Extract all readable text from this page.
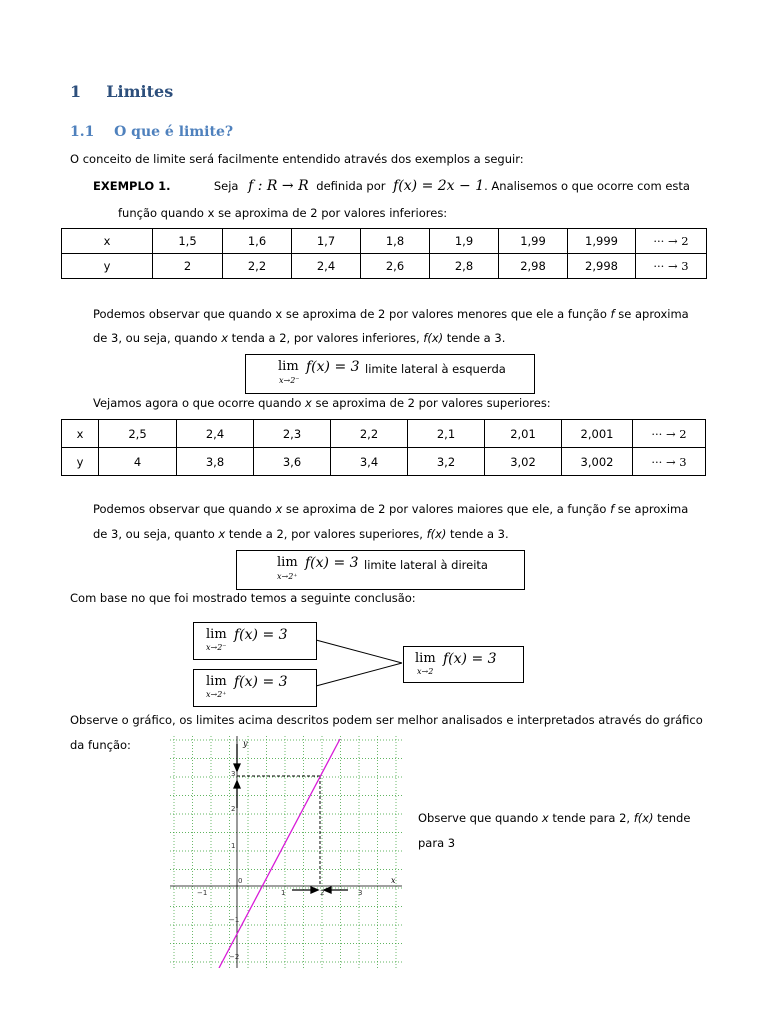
1 Limites
1.1 O que é limite?
O conceito de limite será facilmente entendido através dos exemplos a seguir:
EXEMPLO 1.	Seja f : R → R definida por f(x) = 2x − 1. Analisemos o que ocorre com esta
função quando x se aproxima de 2 por valores inferiores:
x	1,5	1,6	1,7	1,8	1,9	1,99	1,999	··· → 2
y	2	2,2	2,4	2,6	2,8	2,98	2,998	··· → 3
Podemos observar que quando x se aproxima de 2 por valores menores que ele a função f se aproxima
de 3, ou seja, quando x tenda a 2, por valores inferiores, f(x) tende a 3.
lim
x→2⁻
f(x) = 3 limite lateral à esquerda
Vejamos agora o que ocorre quando x se aproxima de 2 por valores superiores:
x	2,5	2,4	2,3	2,2	2,1	2,01	2,001	··· → 2
y	4	3,8	3,6	3,4	3,2	3,02	3,002	··· → 3
Podemos observar que quando x se aproxima de 2 por valores maiores que ele, a função f se aproxima
de 3, ou seja, quanto x tende a 2, por valores superiores, f(x) tende a 3.
lim
x→2⁺
f(x) = 3 limite lateral à direita
Com base no que foi mostrado temos a seguinte conclusão:
lim
x→2⁻
f(x) = 3
lim
x→2⁺
f(x) = 3
lim
x→2
f(x) = 3
Observe o gráfico, os limites acima descritos podem ser melhor analisados e interpretados através do gráfico
da função:
x
y
−1
0
1	2	3
3
2
1
−1
−2
Observe que quando x tende para 2, f(x) tende
para 3
